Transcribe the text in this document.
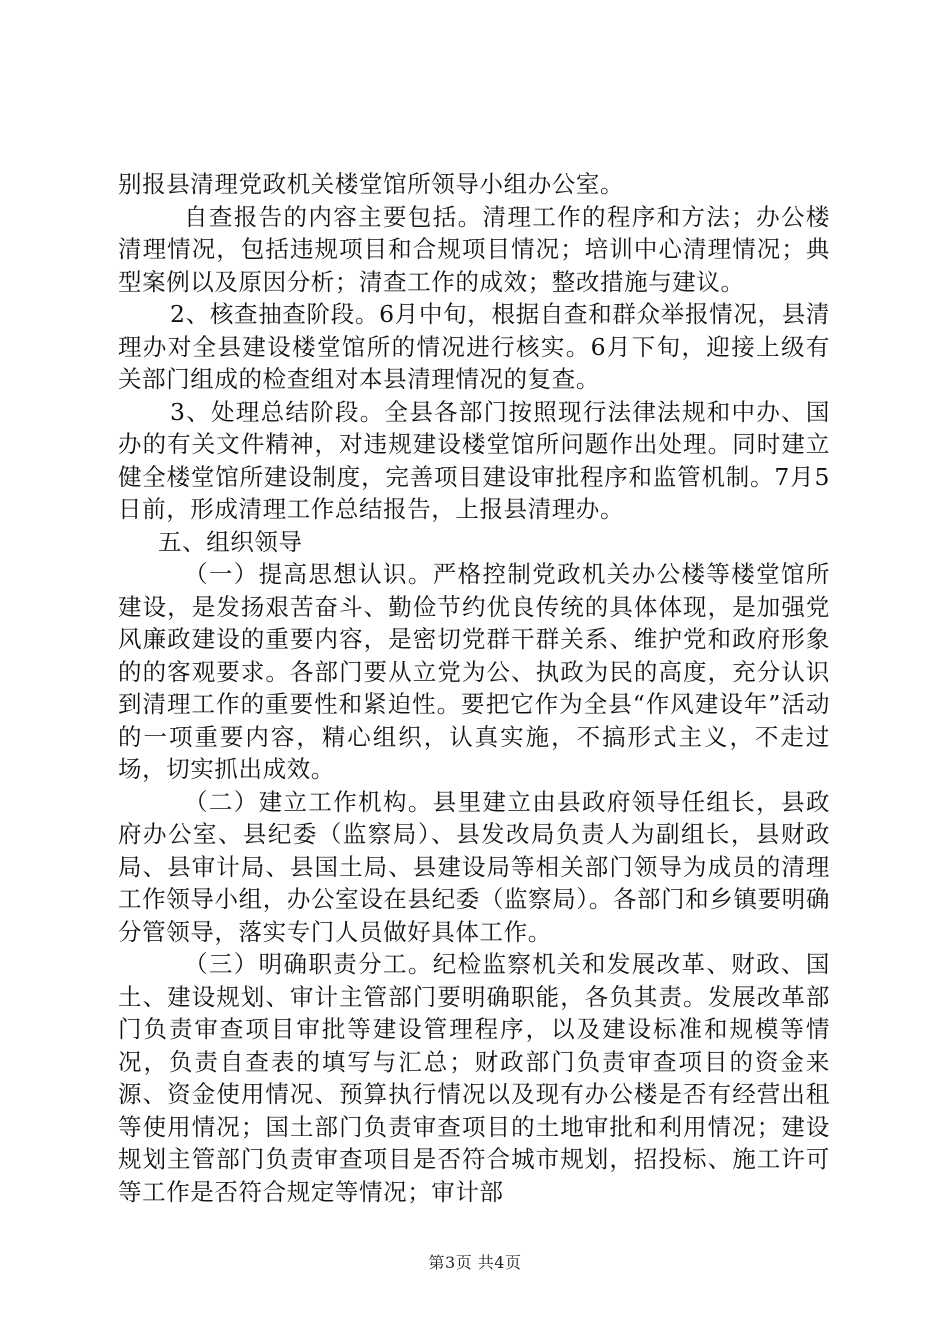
别报县清理党政机关楼堂馆所领导小组办公室。

自查报告的内容主要包括。清理工作的程序和方法；办公楼清理情况，包括违规项目和合规项目情况；培训中心清理情况；典型案例以及原因分析；清查工作的成效；整改措施与建议。

2、核查抽查阶段。6月中旬，根据自查和群众举报情况，县清理办对全县建设楼堂馆所的情况进行核实。6月下旬，迎接上级有关部门组成的检查组对本县清理情况的复查。

3、处理总结阶段。全县各部门按照现行法律法规和中办、国办的有关文件精神，对违规建设楼堂馆所问题作出处理。同时建立健全楼堂馆所建设制度，完善项目建设审批程序和监管机制。7月5日前，形成清理工作总结报告，上报县清理办。

五、组织领导

（一）提高思想认识。严格控制党政机关办公楼等楼堂馆所建设，是发扬艰苦奋斗、勤俭节约优良传统的具体体现，是加强党风廉政建设的重要内容，是密切党群干群关系、维护党和政府形象的的客观要求。各部门要从立党为公、执政为民的高度，充分认识到清理工作的重要性和紧迫性。要把它作为全县“作风建设年”活动的一项重要内容，精心组织，认真实施，不搞形式主义，不走过场，切实抓出成效。

（二）建立工作机构。县里建立由县政府领导任组长，县政府办公室、县纪委（监察局）、县发改局负责人为副组长，县财政局、县审计局、县国土局、县建设局等相关部门领导为成员的清理工作领导小组，办公室设在县纪委（监察局）。各部门和乡镇要明确分管领导，落实专门人员做好具体工作。

（三）明确职责分工。纪检监察机关和发展改革、财政、国土、建设规划、审计主管部门要明确职能，各负其责。发展改革部门负责审查项目审批等建设管理程序，以及建设标准和规模等情况，负责自查表的填写与汇总；财政部门负责审查项目的资金来源、资金使用情况、预算执行情况以及现有办公楼是否有经营出租等使用情况；国土部门负责审查项目的土地审批和利用情况；建设规划主管部门负责审查项目是否符合城市规划，招投标、施工许可等工作是否符合规定等情况；审计部

第3页 共4页
